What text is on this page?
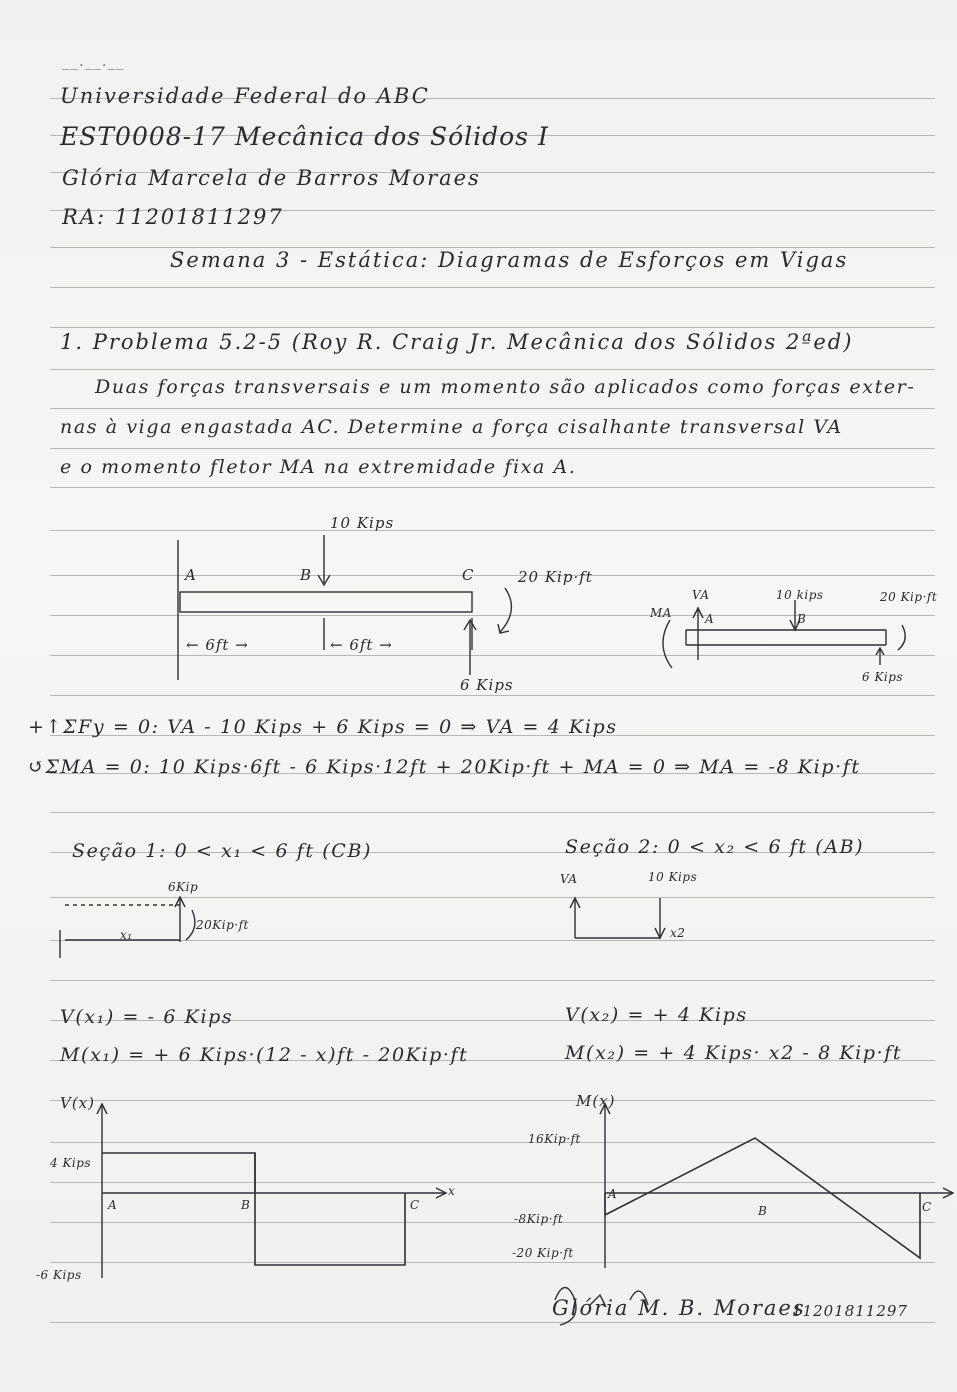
__.__.__
Universidade Federal do ABC
EST0008-17 Mecânica dos Sólidos I
Glória Marcela de Barros Moraes
RA: 11201811297
Semana 3 - Estática: Diagramas de Esforços em Vigas
1. Problema 5.2-5 (Roy R. Craig Jr. Mecânica dos Sólidos 2ªed)
Duas forças transversais e um momento são aplicados como forças exter-
nas à viga engastada AC. Determine a força cisalhante transversal VA
e o momento fletor MA na extremidade fixa A.
10 Kips
A	B	C	20 Kip·ft
← 6ft →	← 6ft →
6 Kips
VA
MA	A
10 kips
B
20 Kip·ft
6 Kips
+↑ΣFy = 0: VA - 10 Kips + 6 Kips = 0 ⇒ VA = 4 Kips
↺ΣMA = 0: 10 Kips·6ft - 6 Kips·12ft + 20Kip·ft + MA = 0 ⇒ MA = -8 Kip·ft
Seção 1: 0 < x₁ < 6 ft (CB)
6Kip
x₁
20Kip·ft
Seção 2: 0 < x₂ < 6 ft (AB)
VA	10 Kips
x2
V(x₁) = - 6 Kips
M(x₁) = + 6 Kips·(12 - x)ft - 20Kip·ft
V(x₂) = + 4 Kips
M(x₂) = + 4 Kips· x2 - 8 Kip·ft
V(x)
x
4 Kips
-6 Kips
A	B	C
M(x)
16Kip·ft
-8Kip·ft
-20 Kip·ft
A
B	C
Glória M. B. Moraes
11201811297
